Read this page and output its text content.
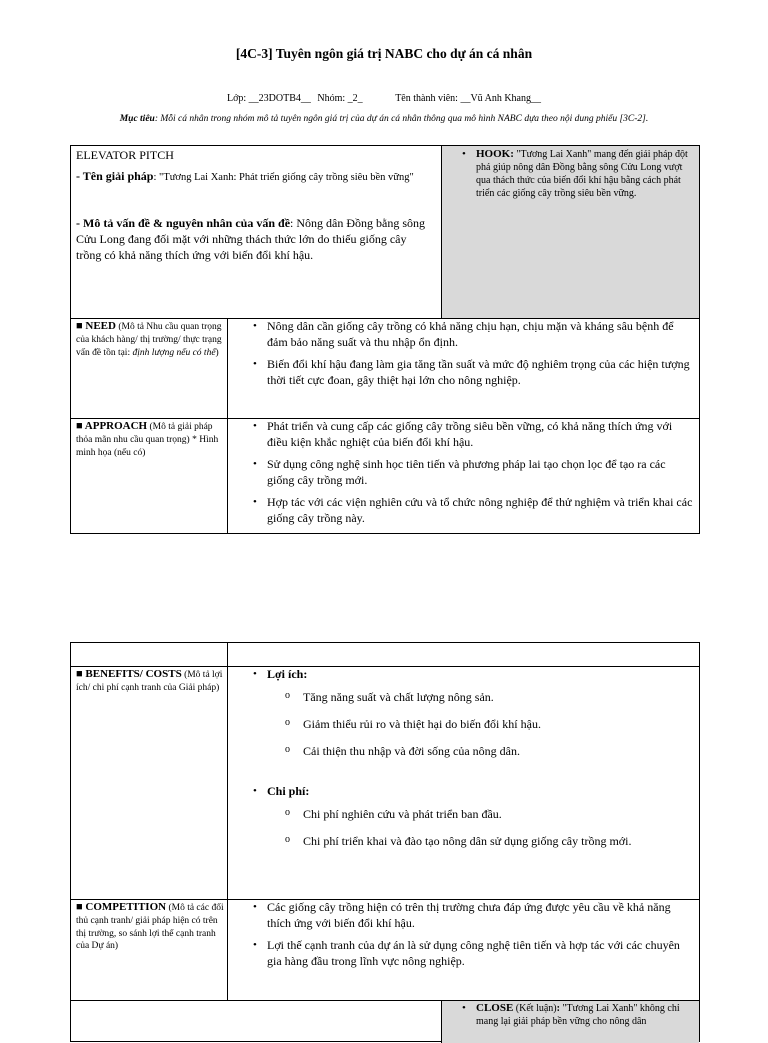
[4C-3] Tuyên ngôn giá trị NABC cho dự án cá nhân
Lớp: __23DOTB4__ Nhóm: _2_	Tên thành viên: __Vũ Anh Khang__
Mục tiêu: Mỗi cá nhân trong nhóm mô tả tuyên ngôn giá trị của dự án cá nhân thông qua mô hình NABC dựa theo nội dung phiếu [3C-2].
ELEVATOR PITCH
- Tên giải pháp: "Tương Lai Xanh: Phát triển giống cây trồng siêu bền vững"
- Mô tả vấn đề & nguyên nhân của vấn đề: Nông dân Đồng bằng sông Cửu Long đang đối mặt với những thách thức lớn do thiếu giống cây trồng có khả năng thích ứng với biến đổi khí hậu.
• HOOK: "Tương Lai Xanh" mang đến giải pháp đột phá giúp nông dân Đồng bằng sông Cửu Long vượt qua thách thức của biến đổi khí hậu bằng cách phát triển các giống cây trồng siêu bền vững.
■ NEED (Mô tả Nhu cầu quan trọng của khách hàng/ thị trường/ thực trạng vấn đề tồn tại: định lượng nếu có thể)
• Nông dân cần giống cây trồng có khả năng chịu hạn, chịu mặn và kháng sâu bệnh để đảm bảo năng suất và thu nhập ổn định.
• Biến đổi khí hậu đang làm gia tăng tần suất và mức độ nghiêm trọng của các hiện tượng thời tiết cực đoan, gây thiệt hại lớn cho nông nghiệp.
■ APPROACH (Mô tả giải pháp thỏa mãn nhu cầu quan trọng) * Hình minh họa (nếu có)
• Phát triển và cung cấp các giống cây trồng siêu bền vững, có khả năng thích ứng với điều kiện khắc nghiệt của biến đổi khí hậu.
• Sử dụng công nghệ sinh học tiên tiến và phương pháp lai tạo chọn lọc để tạo ra các giống cây trồng mới.
• Hợp tác với các viện nghiên cứu và tổ chức nông nghiệp để thử nghiệm và triển khai các giống cây trồng này.
■ BENEFITS/ COSTS (Mô tả lợi ích/ chi phí cạnh tranh của Giải pháp)
• Lợi ích:
o Tăng năng suất và chất lượng nông sản.
o Giảm thiểu rủi ro và thiệt hại do biến đổi khí hậu.
o Cải thiện thu nhập và đời sống của nông dân.
• Chi phí:
o Chi phí nghiên cứu và phát triển ban đầu.
o Chi phí triển khai và đào tạo nông dân sử dụng giống cây trồng mới.
■ COMPETITION (Mô tả các đối thủ cạnh tranh/ giải pháp hiện có trên thị trường, so sánh lợi thế cạnh tranh của Dự án)
• Các giống cây trồng hiện có trên thị trường chưa đáp ứng được yêu cầu về khả năng thích ứng với biến đổi khí hậu.
• Lợi thế cạnh tranh của dự án là sử dụng công nghệ tiên tiến và hợp tác với các chuyên gia hàng đầu trong lĩnh vực nông nghiệp.
• CLOSE (Kết luận): "Tương Lai Xanh" không chỉ mang lại giải pháp bền vững cho nông dân
